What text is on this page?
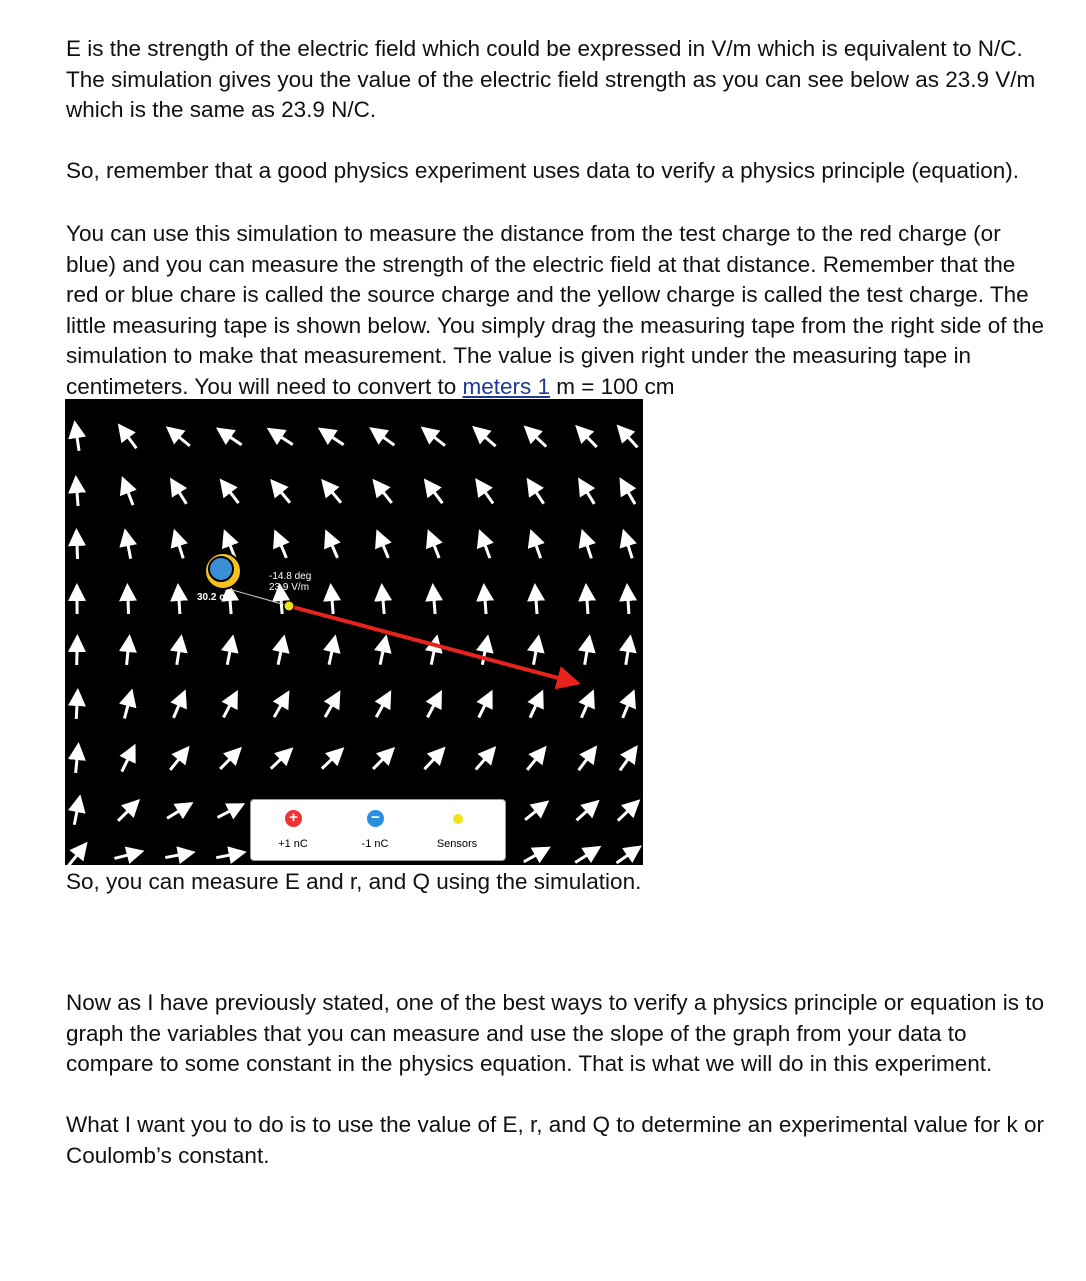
E is the strength of the electric field which could be expressed in V/m which is equivalent to N/C. The simulation gives you the value of the electric field strength as you can see below as 23.9 V/m which is the same as 23.9 N/C.

So, remember that a good physics experiment uses data to verify a physics principle (equation).

You can use this simulation to measure the distance from the test charge to the red charge (or blue) and you can measure the strength of the electric field at that distance. Remember that the red or blue chare is called the source charge and the yellow charge is called the test charge. The little measuring tape is shown below. You simply drag the measuring tape from the right side of the simulation to make that measurement. The value is given right under the measuring tape in centimeters. You will need to convert to meters 1 m = 100 cm

-14.8 deg
23.9 V/m
30.2 cm
+
+1 nC
−
-1 nC	Sensors

So, you can measure E and r, and Q using the simulation.

Now as I have previously stated, one of the best ways to verify a physics principle or equation is to graph the variables that you can measure and use the slope of the graph from your data to compare to some constant in the physics equation. That is what we will do in this experiment.

What I want you to do is to use the value of E, r, and Q to determine an experimental value for k or Coulomb’s constant.
